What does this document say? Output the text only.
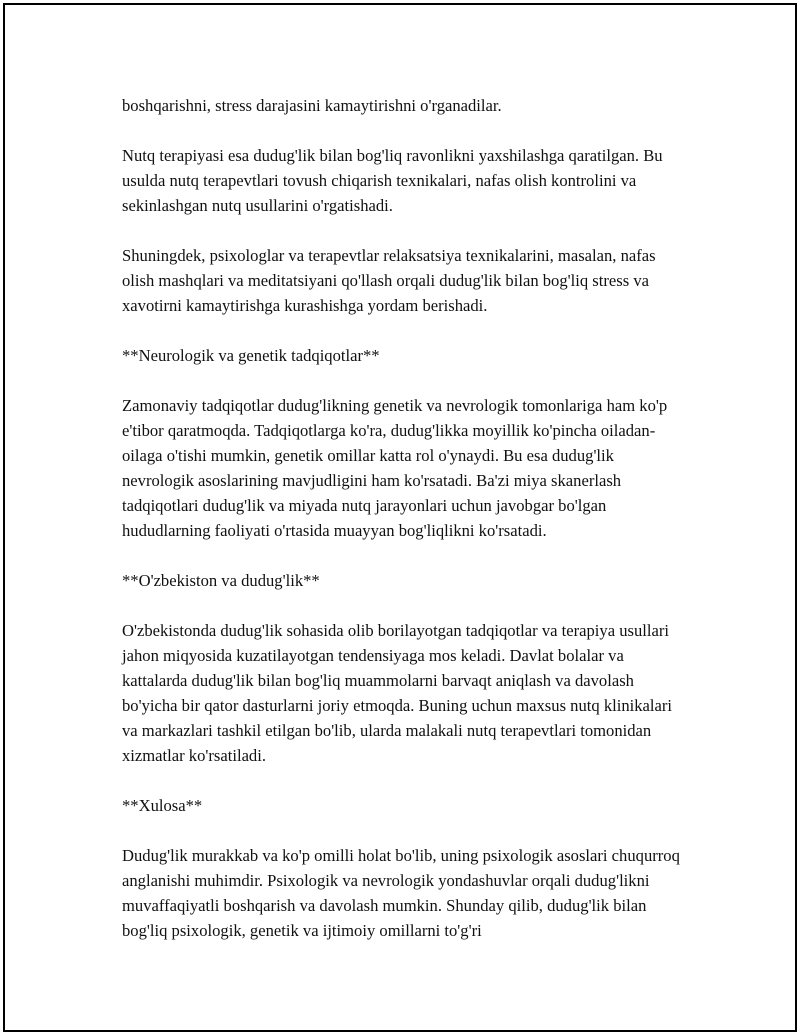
boshqarishni, stress darajasini kamaytirishni o'rganadilar.

Nutq terapiyasi esa dudug'lik bilan bog'liq ravonlikni yaxshilashga qaratilgan. Bu usulda nutq terapevtlari tovush chiqarish texnikalari, nafas olish kontrolini va sekinlashgan nutq usullarini o'rgatishadi.

Shuningdek, psixologlar va terapevtlar relaksatsiya texnikalarini, masalan, nafas olish mashqlari va meditatsiyani qo'llash orqali dudug'lik bilan bog'liq stress va xavotirni kamaytirishga kurashishga yordam berishadi.

**Neurologik va genetik tadqiqotlar**

Zamonaviy tadqiqotlar dudug'likning genetik va nevrologik tomonlariga ham ko'p e'tibor qaratmoqda. Tadqiqotlarga ko'ra, dudug'likka moyillik ko'pincha oiladan-oilaga o'tishi mumkin, genetik omillar katta rol o'ynaydi. Bu esa dudug'lik nevrologik asoslarining mavjudligini ham ko'rsatadi. Ba'zi miya skanerlash tadqiqotlari dudug'lik va miyada nutq jarayonlari uchun javobgar bo'lgan hududlarning faoliyati o'rtasida muayyan bog'liqlikni ko'rsatadi.

**O'zbekiston va dudug'lik**

O'zbekistonda dudug'lik sohasida olib borilayotgan tadqiqotlar va terapiya usullari jahon miqyosida kuzatilayotgan tendensiyaga mos keladi. Davlat bolalar va kattalarda dudug'lik bilan bog'liq muammolarni barvaqt aniqlash va davolash bo'yicha bir qator dasturlarni joriy etmoqda. Buning uchun maxsus nutq klinikalari va markazlari tashkil etilgan bo'lib, ularda malakali nutq terapevtlari tomonidan xizmatlar ko'rsatiladi.

**Xulosa**

Dudug'lik murakkab va ko'p omilli holat bo'lib, uning psixologik asoslari chuqurroq anglanishi muhimdir. Psixologik va nevrologik yondashuvlar orqali dudug'likni muvaffaqiyatli boshqarish va davolash mumkin. Shunday qilib, dudug'lik bilan bog'liq psixologik, genetik va ijtimoiy omillarni to'g'ri
